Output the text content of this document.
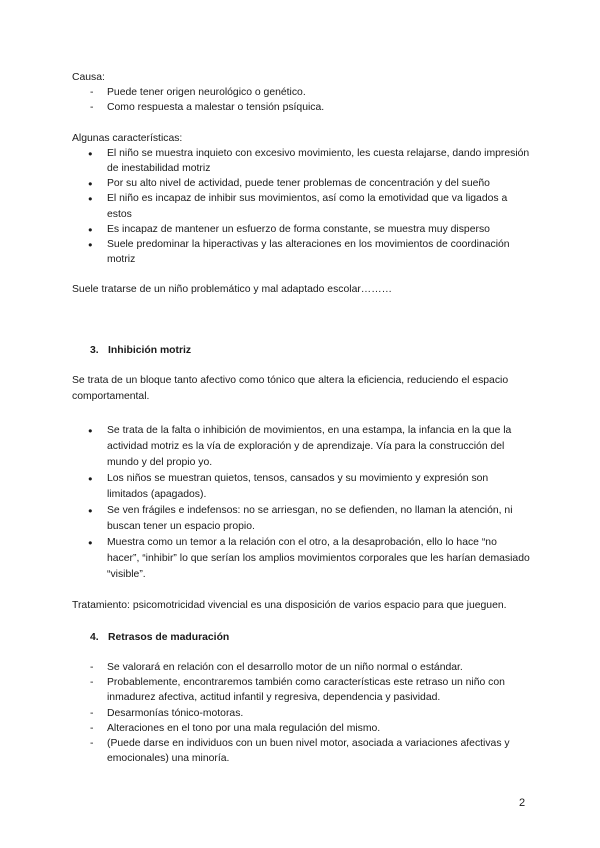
Causa:

- Puede tener origen neurológico o genético.
- Como respuesta a malestar o tensión psíquica.

Algunas características:

● El niño se muestra inquieto con excesivo movimiento, les cuesta relajarse, dando impresión de inestabilidad motriz
● Por su alto nivel de actividad, puede tener problemas de concentración y del sueño
● El niño es incapaz de inhibir sus movimientos, así como la emotividad que va ligados a estos
● Es incapaz de mantener un esfuerzo de forma constante, se muestra muy disperso
● Suele predominar la hiperactivas y las alteraciones en los movimientos de coordinación motriz

Suele tratarse de un niño problemático y mal adaptado escolar………

3. Inhibición motriz

Se trata de un bloque tanto afectivo como tónico que altera la eficiencia, reduciendo el espacio comportamental.

● Se trata de la falta o inhibición de movimientos, en una estampa, la infancia en la que la actividad motriz es la vía de exploración y de aprendizaje. Vía para la construcción del mundo y del propio yo.
● Los niños se muestran quietos, tensos, cansados y su movimiento y expresión son limitados (apagados).
● Se ven frágiles e indefensos: no se arriesgan, no se defienden, no llaman la atención, ni buscan tener un espacio propio.
● Muestra como un temor a la relación con el otro, a la desaprobación, ello lo hace “no hacer”, “inhibir” lo que serían los amplios movimientos corporales que les harían demasiado “visible”.

Tratamiento: psicomotricidad vivencial es una disposición de varios espacio para que jueguen.

4. Retrasos de maduración
- Se valorará en relación con el desarrollo motor de un niño normal o estándar.
- Probablemente, encontraremos también como características este retraso un niño con inmadurez afectiva, actitud infantil y regresiva, dependencia y pasividad.
- Desarmonías tónico-motoras.
- Alteraciones en el tono por una mala regulación del mismo.
- (Puede darse en individuos con un buen nivel motor, asociada a variaciones afectivas y emocionales) una minoría.
2
